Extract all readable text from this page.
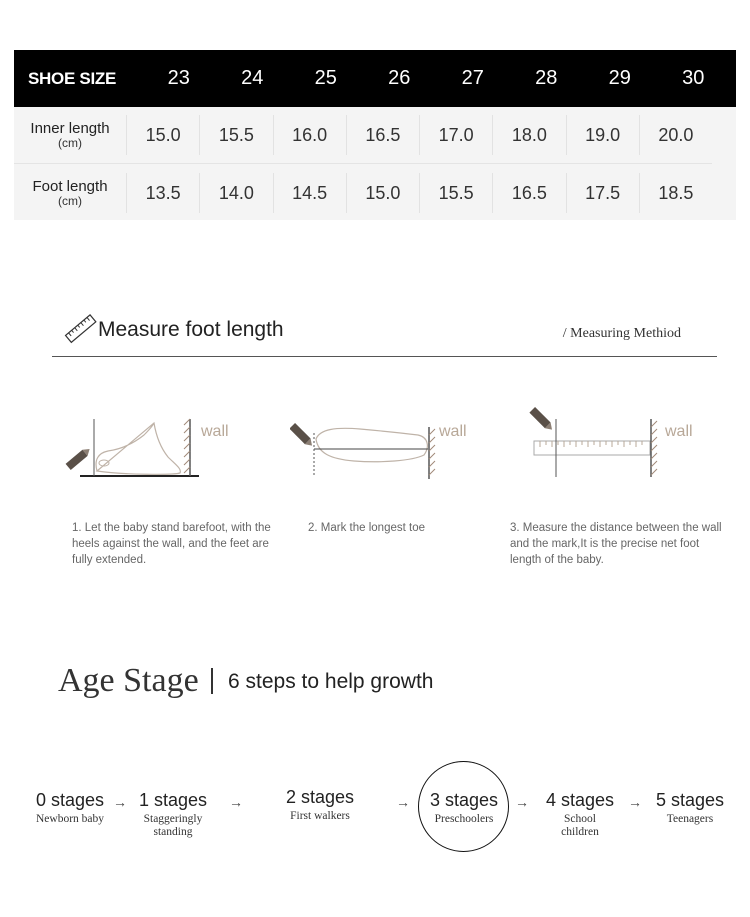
SHOE SIZE	23	24	25	26	27	28	29	30
Inner length
(cm)	15.0	15.5	16.0	16.5	17.0	18.0	19.0	20.0
Foot length
(cm)	13.5	14.0	14.5	15.0	15.5	16.5	17.5	18.5
Measure foot length	/ Measuring Methiod
wall	wall	wall
1. Let the baby stand barefoot, with the heels against the wall, and the feet are fully extended.
2. Mark the longest toe	3. Measure the distance between the wall and the mark,It is the precise net foot length of the baby.
Age Stage 6 steps to help growth
0 stages
Newborn baby
→ 1 stages
Staggeringly standing
→	2 stages
First walkers
→	3 stages
Preschoolers
→ 4 stages
School children
→ 5 stages
Teenagers
